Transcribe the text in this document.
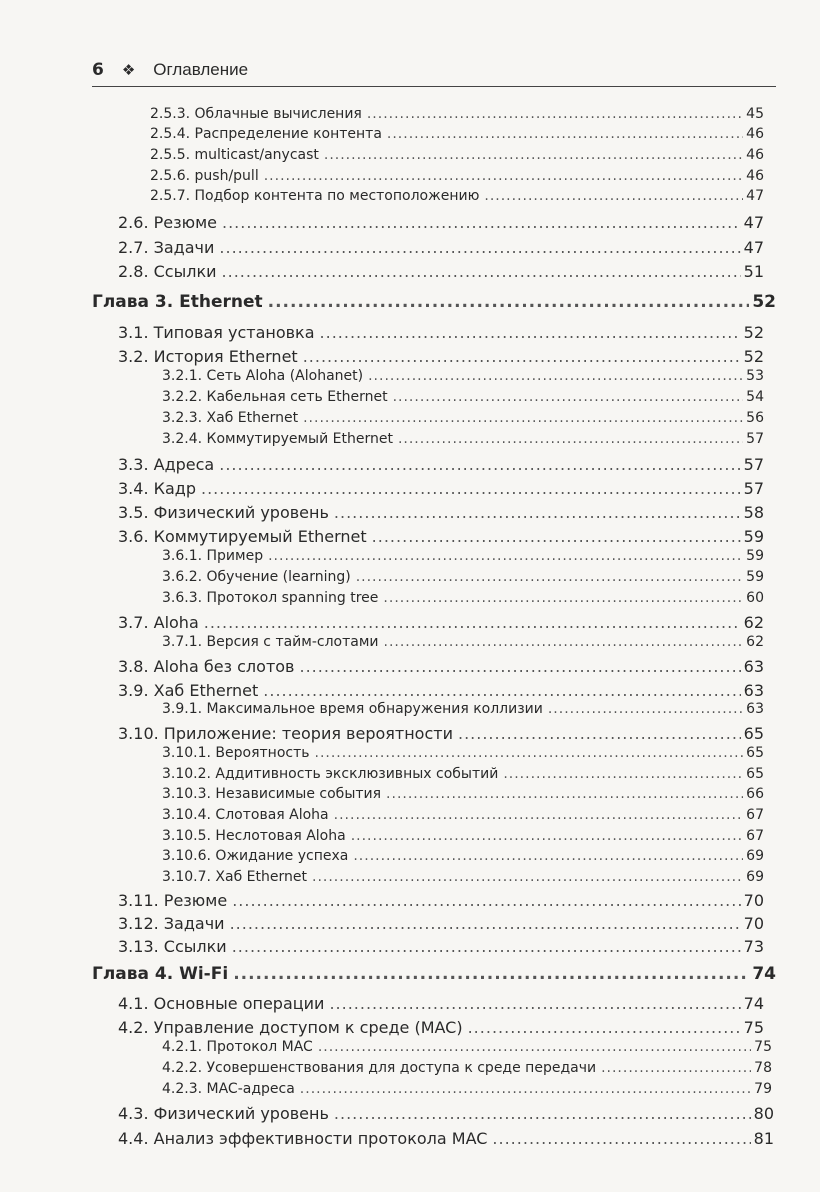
6 ❖ Оглавление
2.5.3. Облачные вычисления .....	45
2.5.4. Распределение контента .....	46
2.5.5. multicast/anycast .....	46
2.5.6. push/pull .....	46
2.5.7. Подбор контента по местоположению .....	47
2.6. Резюме .....	47
2.7. Задачи .....	47
2.8. Ссылки .....	51
Глава 3. Ethernet .....	52
3.1. Типовая установка .....	52
3.2. История Ethernet .....	52
3.2.1. Сеть Aloha (Alohanet) .....	53
3.2.2. Кабельная сеть Ethernet .....	54
3.2.3. Хаб Ethernet .....	56
3.2.4. Коммутируемый Ethernet .....	57
3.3. Адреса .....	57
3.4. Кадр .....	57
3.5. Физический уровень .....	58
3.6. Коммутируемый Ethernet .....	59
3.6.1. Пример .....	59
3.6.2. Обучение (learning) .....	59
3.6.3. Протокол spanning tree .....	60
3.7. Aloha .....	62
3.7.1. Версия с тайм-слотами .....	62
3.8. Aloha без слотов .....	63
3.9. Хаб Ethernet .....	63
3.9.1. Максимальное время обнаружения коллизии .....	63
3.10. Приложение: теория вероятности .....	65
3.10.1. Вероятность .....	65
3.10.2. Аддитивность эксклюзивных событий .....	65
3.10.3. Независимые события .....	66
3.10.4. Слотовая Aloha .....	67
3.10.5. Неслотовая Aloha .....	67
3.10.6. Ожидание успеха .....	69
3.10.7. Хаб Ethernet .....	69
3.11. Резюме .....	70
3.12. Задачи .....	70
3.13. Ссылки .....	73
Глава 4. Wi-Fi .....	74
4.1. Основные операции .....	74
4.2. Управление доступом к среде (MAC) .....	75
4.2.1. Протокол MAC .....	75
4.2.2. Усовершенствования для доступа к среде передачи .....	78
4.2.3. MAC-адреса .....	79
4.3. Физический уровень .....	80
4.4. Анализ эффективности протокола MAC .....	81
